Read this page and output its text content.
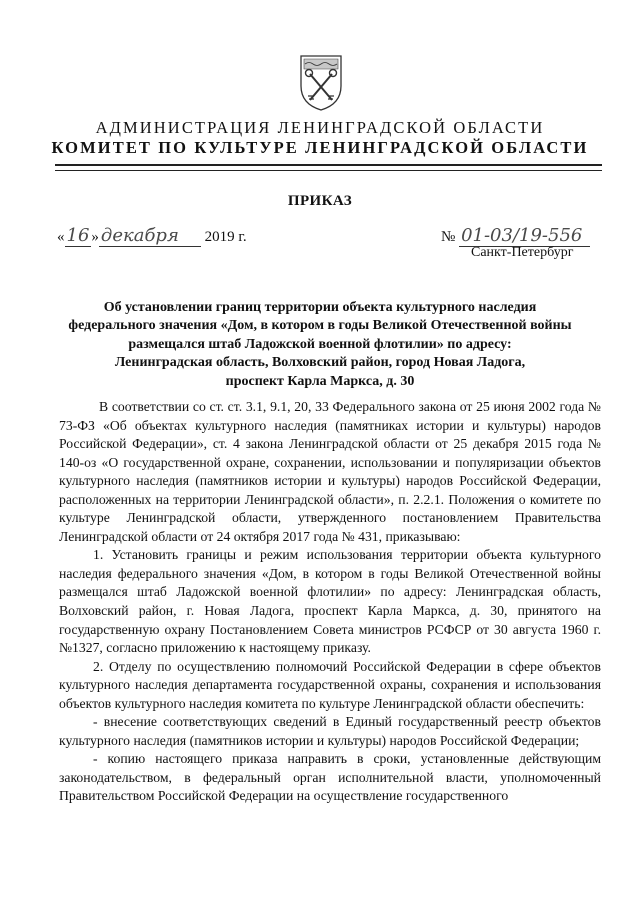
АДМИНИСТРАЦИЯ ЛЕНИНГРАДСКОЙ ОБЛАСТИ
КОМИТЕТ ПО КУЛЬТУРЕ ЛЕНИНГРАДСКОЙ ОБЛАСТИ
ПРИКАЗ
« 16 » декабря 2019 г.	№ 01-03/19-556
Санкт-Петербург
Об установлении границ территории объекта культурного наследия
федерального значения «Дом, в котором в годы Великой Отечественной войны
размещался штаб Ладожской военной флотилии» по адресу:
Ленинградская область, Волховский район, город Новая Ладога,
проспект Карла Маркса, д. 30

В соответствии со ст. ст. 3.1, 9.1, 20, 33 Федерального закона от 25 июня 2002 года № 73-ФЗ «Об объектах культурного наследия (памятниках истории и культуры) народов Российской Федерации», ст. 4 закона Ленинградской области от 25 декабря 2015 года № 140-оз «О государственной охране, сохранении, использовании и популяризации объектов культурного наследия (памятников истории и культуры) народов Российской Федерации, расположенных на территории Ленинградской области», п. 2.2.1. Положения о комитете по культуре Ленинградской области, утвержденного постановлением Правительства Ленинградской области от 24 октября 2017 года № 431, приказываю:

1. Установить границы и режим использования территории объекта культурного наследия федерального значения «Дом, в котором в годы Великой Отечественной войны размещался штаб Ладожской военной флотилии» по адресу: Ленинградская область, Волховский район, г. Новая Ладога, проспект Карла Маркса, д. 30, принятого на государственную охрану Постановлением Совета министров РСФСР от 30 августа 1960 г. №1327, согласно приложению к настоящему приказу.

2. Отделу по осуществлению полномочий Российской Федерации в сфере объектов культурного наследия департамента государственной охраны, сохранения и использования объектов культурного наследия комитета по культуре Ленинградской области обеспечить:

- внесение соответствующих сведений в Единый государственный реестр объектов культурного наследия (памятников истории и культуры) народов Российской Федерации;

- копию настоящего приказа направить в сроки, установленные действующим законодательством, в федеральный орган исполнительной власти, уполномоченный Правительством Российской Федерации на осуществление государственного
